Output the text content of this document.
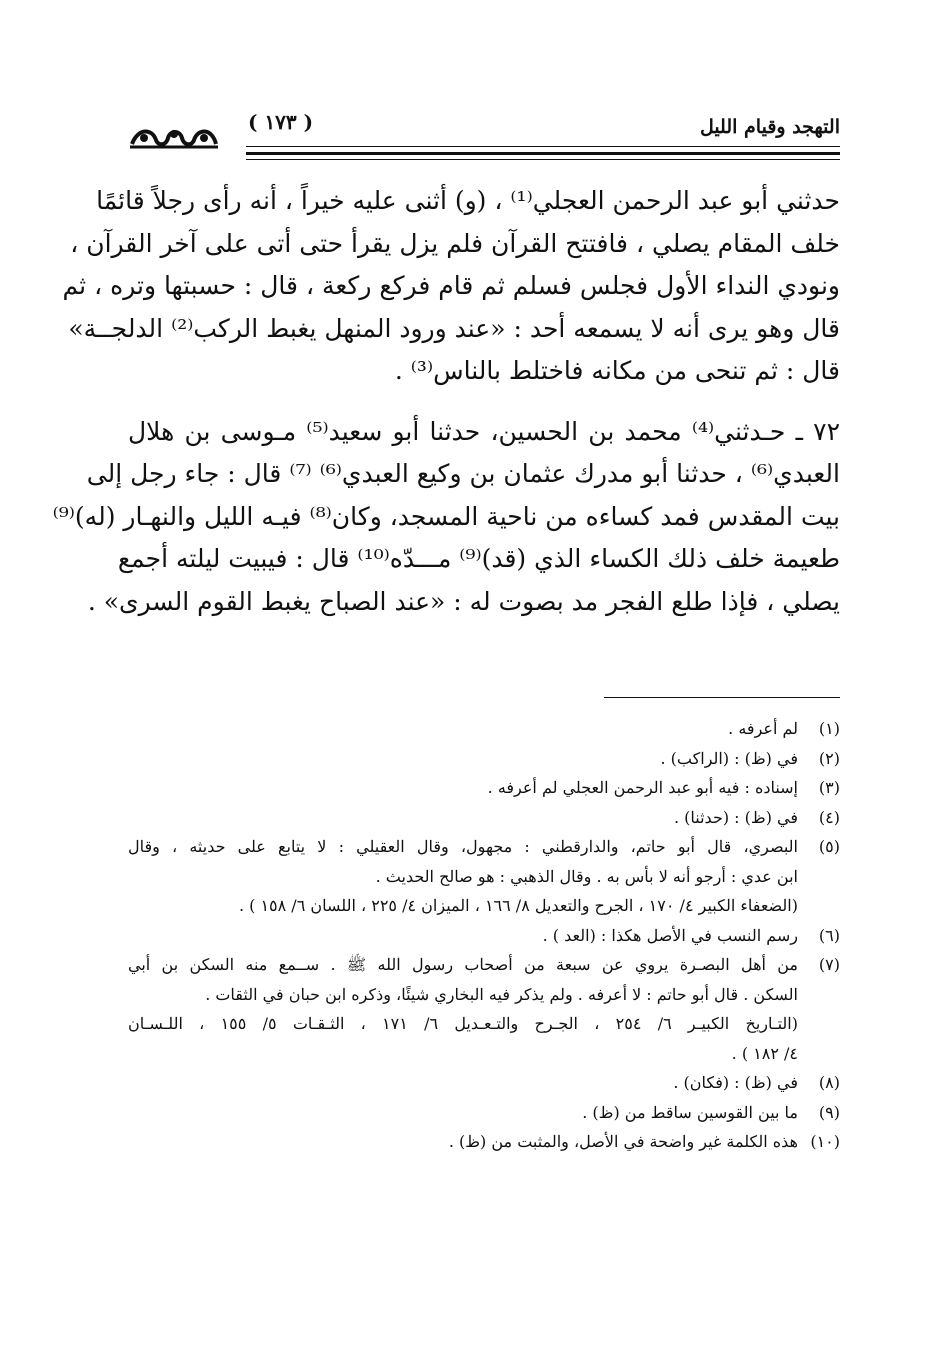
التهجد وقيام الليل
( ١٧٣ )
حدثني أبو عبد الرحمن العجلي⁽¹⁾ ، (و) أثنى عليه خيراً ، أنه رأى رجلاً قائمًا
خلف المقام يصلي ، فافتتح القرآن فلم يزل يقرأ حتى أتى على آخر القرآن ،
ونودي النداء الأول فجلس فسلم ثم قام فركع ركعة ، قال : حسبتها وتره ، ثم
قال وهو يرى أنه لا يسمعه أحد : «عند ورود المنهل يغبط الركب⁽²⁾ الدلجــة»
قال : ثم تنحى من مكانه فاختلط بالناس⁽³⁾ .
٧٢ ـ حـدثني⁽⁴⁾ محمد بن الحسين، حدثنا أبو سعيد⁽⁵⁾ مـوسى بن هلال
العبدي⁽⁶⁾ ، حدثنا أبو مدرك عثمان بن وكيع العبدي⁽⁶⁾ ⁽⁷⁾ قال : جاء رجل إلى
بيت المقدس فمد كساءه من ناحية المسجد، وكان⁽⁸⁾ فيـه الليل والنهـار (له)⁽⁹⁾
طعيمة خلف ذلك الكساء الذي (قد)⁽⁹⁾ مـــدّه⁽¹⁰⁾ قال : فيبيت ليلته أجمع
يصلي ، فإذا طلع الفجر مد بصوت له : «عند الصباح يغبط القوم السرى» .
(١)
لم أعرفه .
(٢)
في (ظ) : (الراكب) .
(٣)
إسناده : فيه أبو عبد الرحمن العجلي لم أعرفه .
(٤)
في (ظ) : (حدثنا) .
(٥)
البصري، قال أبو حاتم، والدارقطني : مجهول، وقال العقيلي : لا يتابع على حديثه ، وقال
ابن عدي : أرجو أنه لا بأس به . وقال الذهبي : هو صالح الحديث .
(الضعفاء الكبير ٤/ ١٧٠ ، الجرح والتعديل ٨/ ١٦٦ ، الميزان ٤/ ٢٢٥ ، اللسان ٦/ ١٥٨ ) .
(٦)
رسم النسب في الأصل هكذا : (العد ) .
(٧)
من أهل البصـرة يروي عن سبعة من أصحاب رسول الله ﷺ . ســمع منه السكن بن أبي
السكن . قال أبو حاتم : لا أعرفه . ولم يذكر فيه البخاري شيئًا، وذكره ابن حبان في الثقات .
(التـاريخ الكبيـر ٦/ ٢٥٤ ، الجـرح والتـعـديل ٦/ ١٧١ ، الثـقـات ٥/ ١٥٥ ، اللـسـان
٤/ ١٨٢ ) .
(٨)
في (ظ) : (فكان) .
(٩)
ما بين القوسين ساقط من (ظ) .
(١٠)
هذه الكلمة غير واضحة في الأصل، والمثبت من (ظ) .
